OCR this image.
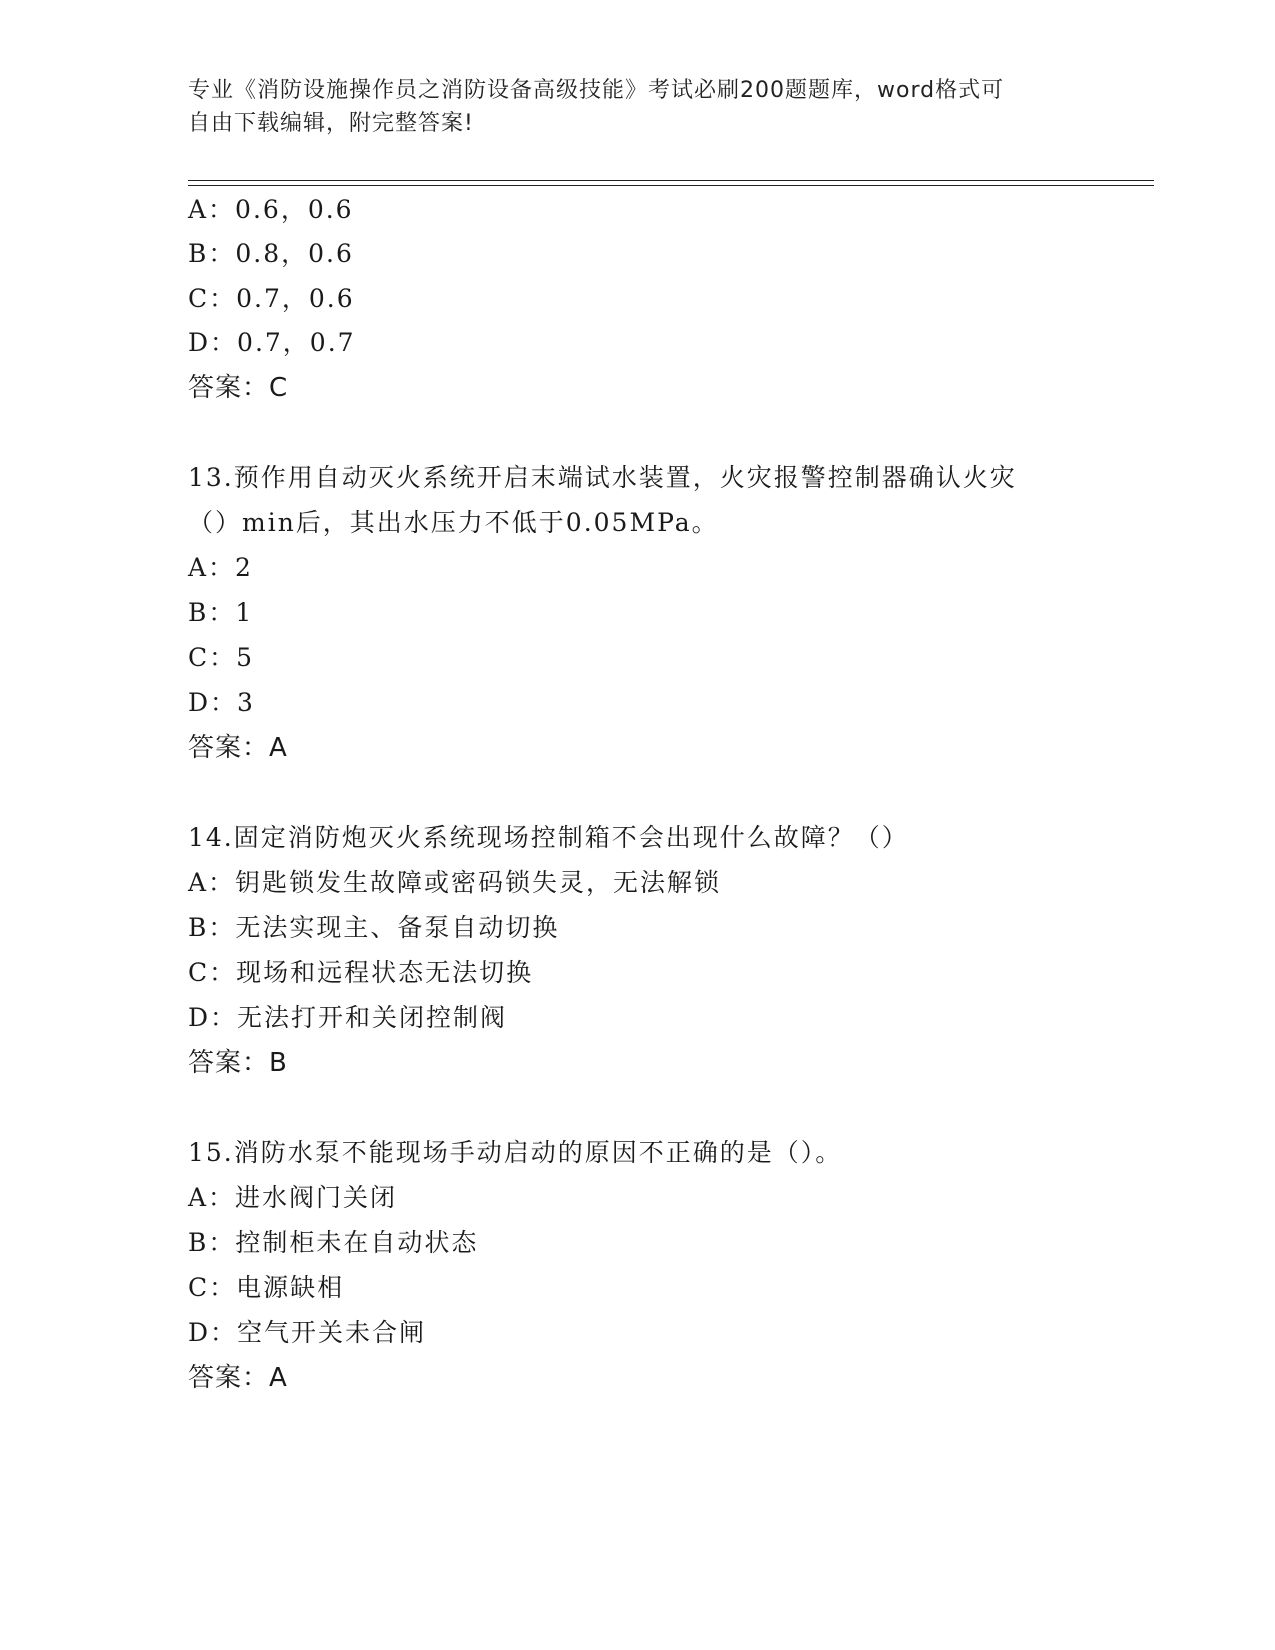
专业《消防设施操作员之消防设备高级技能》考试必刷200题题库，word格式可
自由下载编辑，附完整答案!
A：0.6，0.6
B：0.8，0.6
C：0.7，0.6
D：0.7，0.7
答案：C
13.预作用自动灭火系统开启末端试水装置，火灾报警控制器确认火灾
（）min后，其出水压力不低于0.05MPa。
A：2
B：1
C：5
D：3
答案：A
14.固定消防炮灭火系统现场控制箱不会出现什么故障？（）
A：钥匙锁发生故障或密码锁失灵，无法解锁
B：无法实现主、备泵自动切换
C：现场和远程状态无法切换
D：无法打开和关闭控制阀
答案：B
15.消防水泵不能现场手动启动的原因不正确的是（）。
A：进水阀门关闭
B：控制柜未在自动状态
C：电源缺相
D：空气开关未合闸
答案：A
